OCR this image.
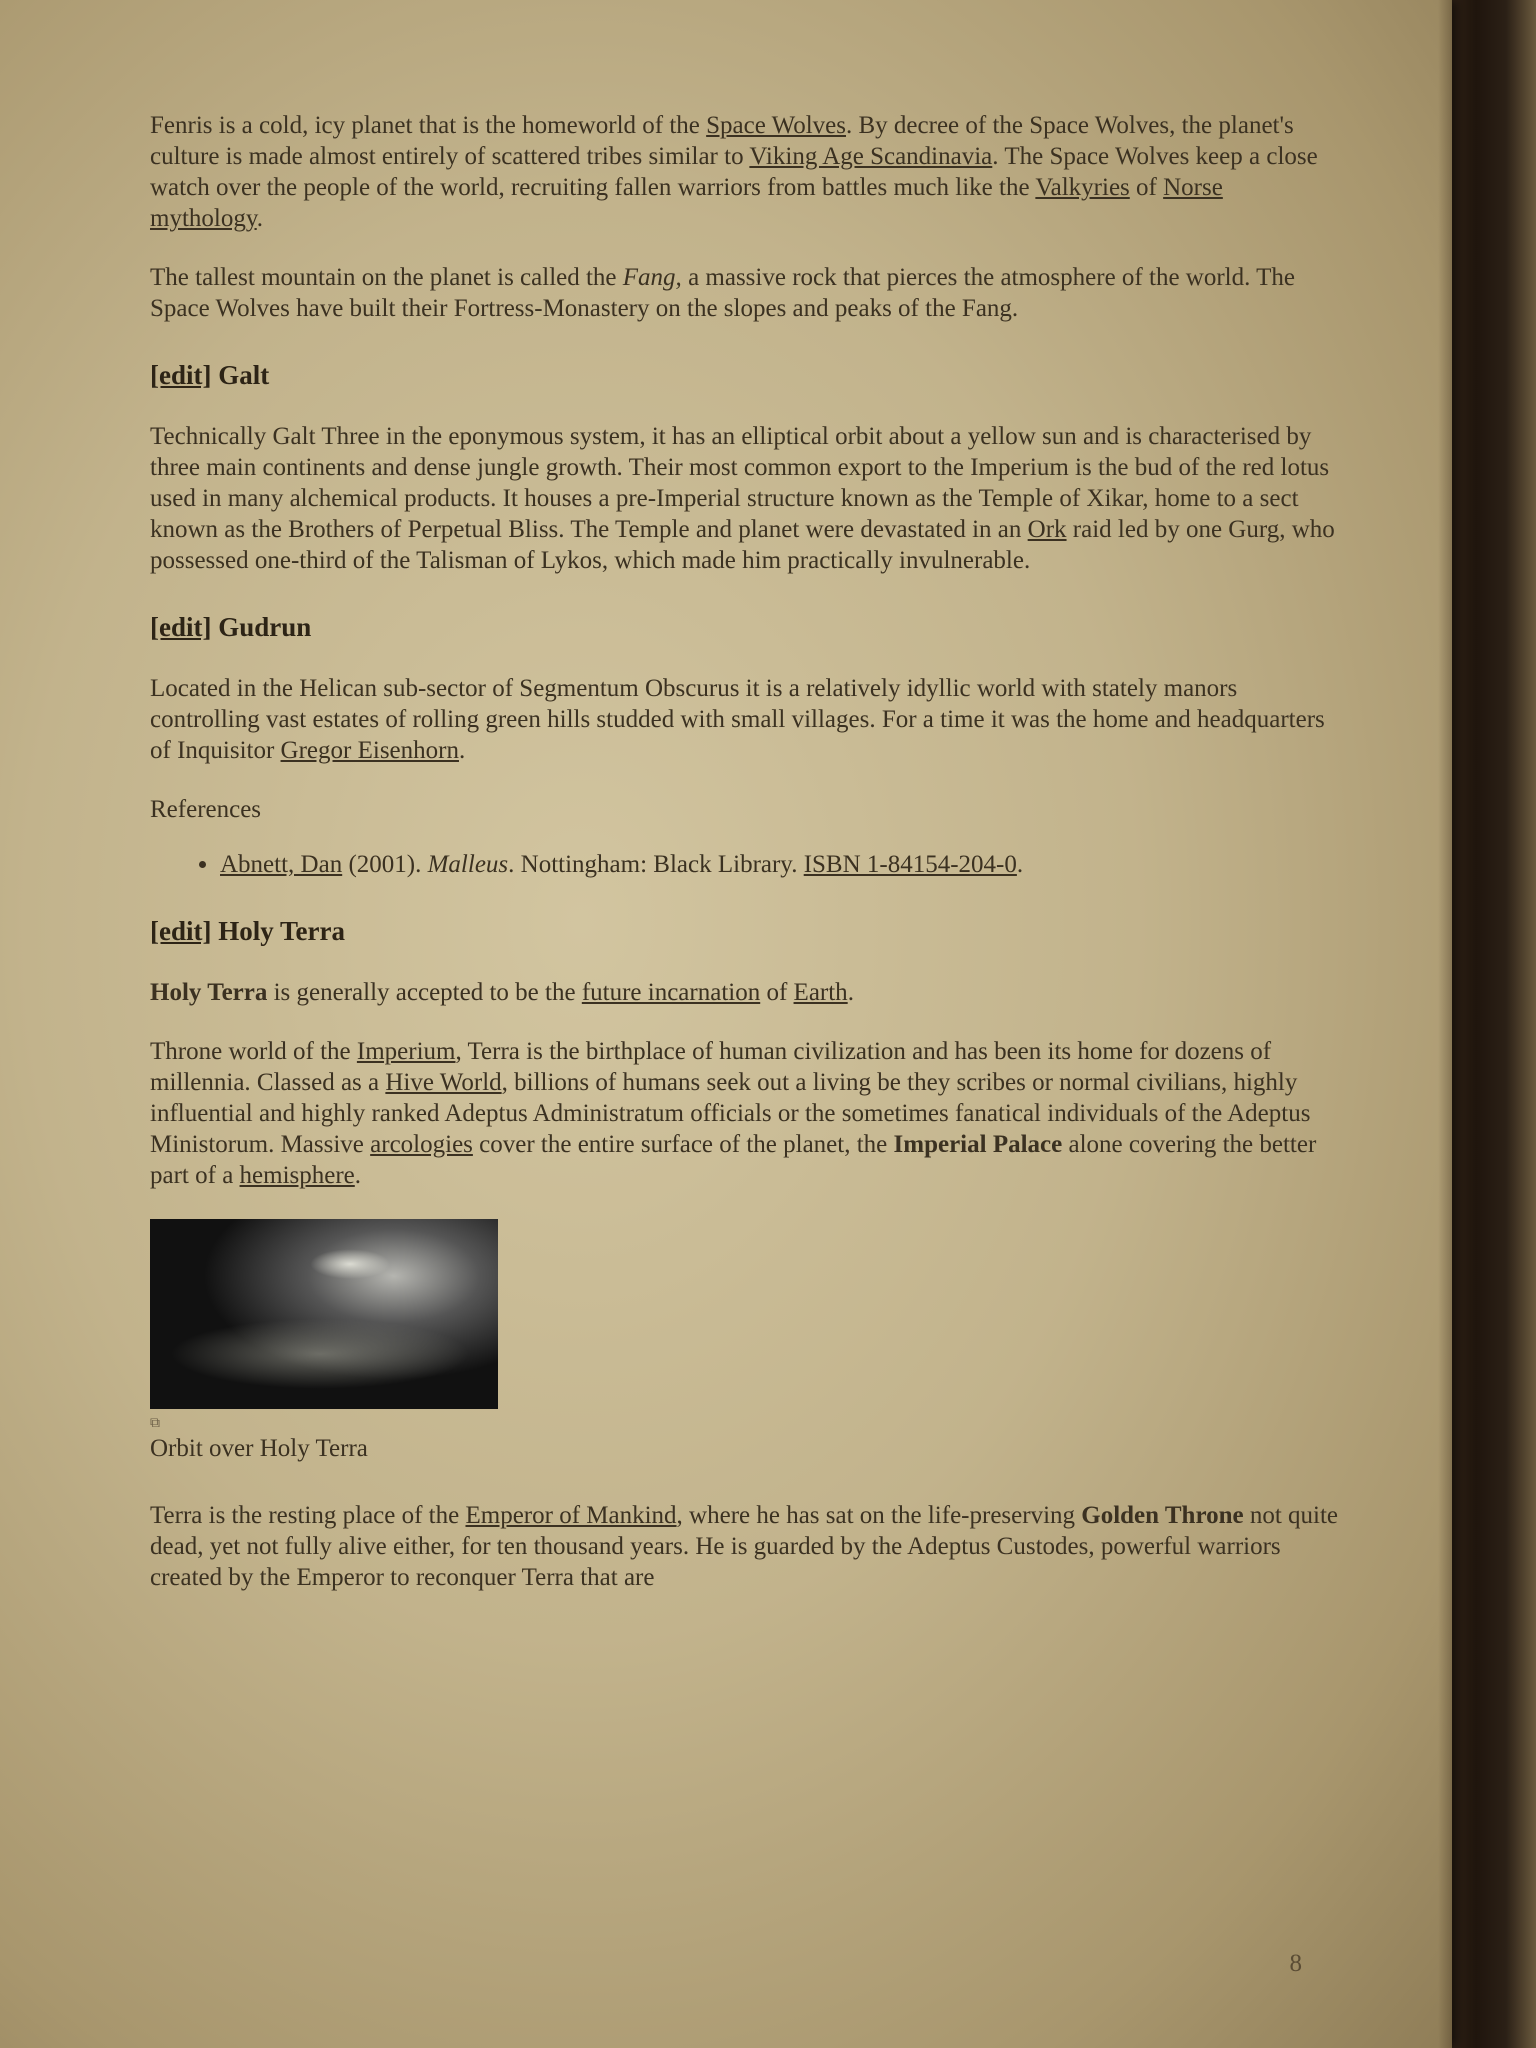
Fenris is a cold, icy planet that is the homeworld of the Space Wolves. By decree of the Space Wolves, the planet's culture is made almost entirely of scattered tribes similar to Viking Age Scandinavia. The Space Wolves keep a close watch over the people of the world, recruiting fallen warriors from battles much like the Valkyries of Norse mythology.

The tallest mountain on the planet is called the Fang, a massive rock that pierces the atmosphere of the world. The Space Wolves have built their Fortress-Monastery on the slopes and peaks of the Fang.

[edit] Galt

Technically Galt Three in the eponymous system, it has an elliptical orbit about a yellow sun and is characterised by three main continents and dense jungle growth. Their most common export to the Imperium is the bud of the red lotus used in many alchemical products. It houses a pre-Imperial structure known as the Temple of Xikar, home to a sect known as the Brothers of Perpetual Bliss. The Temple and planet were devastated in an Ork raid led by one Gurg, who possessed one-third of the Talisman of Lykos, which made him practically invulnerable.

[edit] Gudrun

Located in the Helican sub-sector of Segmentum Obscurus it is a relatively idyllic world with stately manors controlling vast estates of rolling green hills studded with small villages. For a time it was the home and headquarters of Inquisitor Gregor Eisenhorn.

References

• Abnett, Dan (2001). Malleus. Nottingham: Black Library. ISBN 1-84154-204-0.
[edit] Holy Terra

Holy Terra is generally accepted to be the future incarnation of Earth.

Throne world of the Imperium, Terra is the birthplace of human civilization and has been its home for dozens of millennia. Classed as a Hive World, billions of humans seek out a living be they scribes or normal civilians, highly influential and highly ranked Adeptus Administratum officials or the sometimes fanatical individuals of the Adeptus Ministorum. Massive arcologies cover the entire surface of the planet, the Imperial Palace alone covering the better part of a hemisphere.

⧉

Orbit over Holy Terra

Terra is the resting place of the Emperor of Mankind, where he has sat on the life-preserving Golden Throne not quite dead, yet not fully alive either, for ten thousand years. He is guarded by the Adeptus Custodes, powerful warriors created by the Emperor to reconquer Terra that are

8
